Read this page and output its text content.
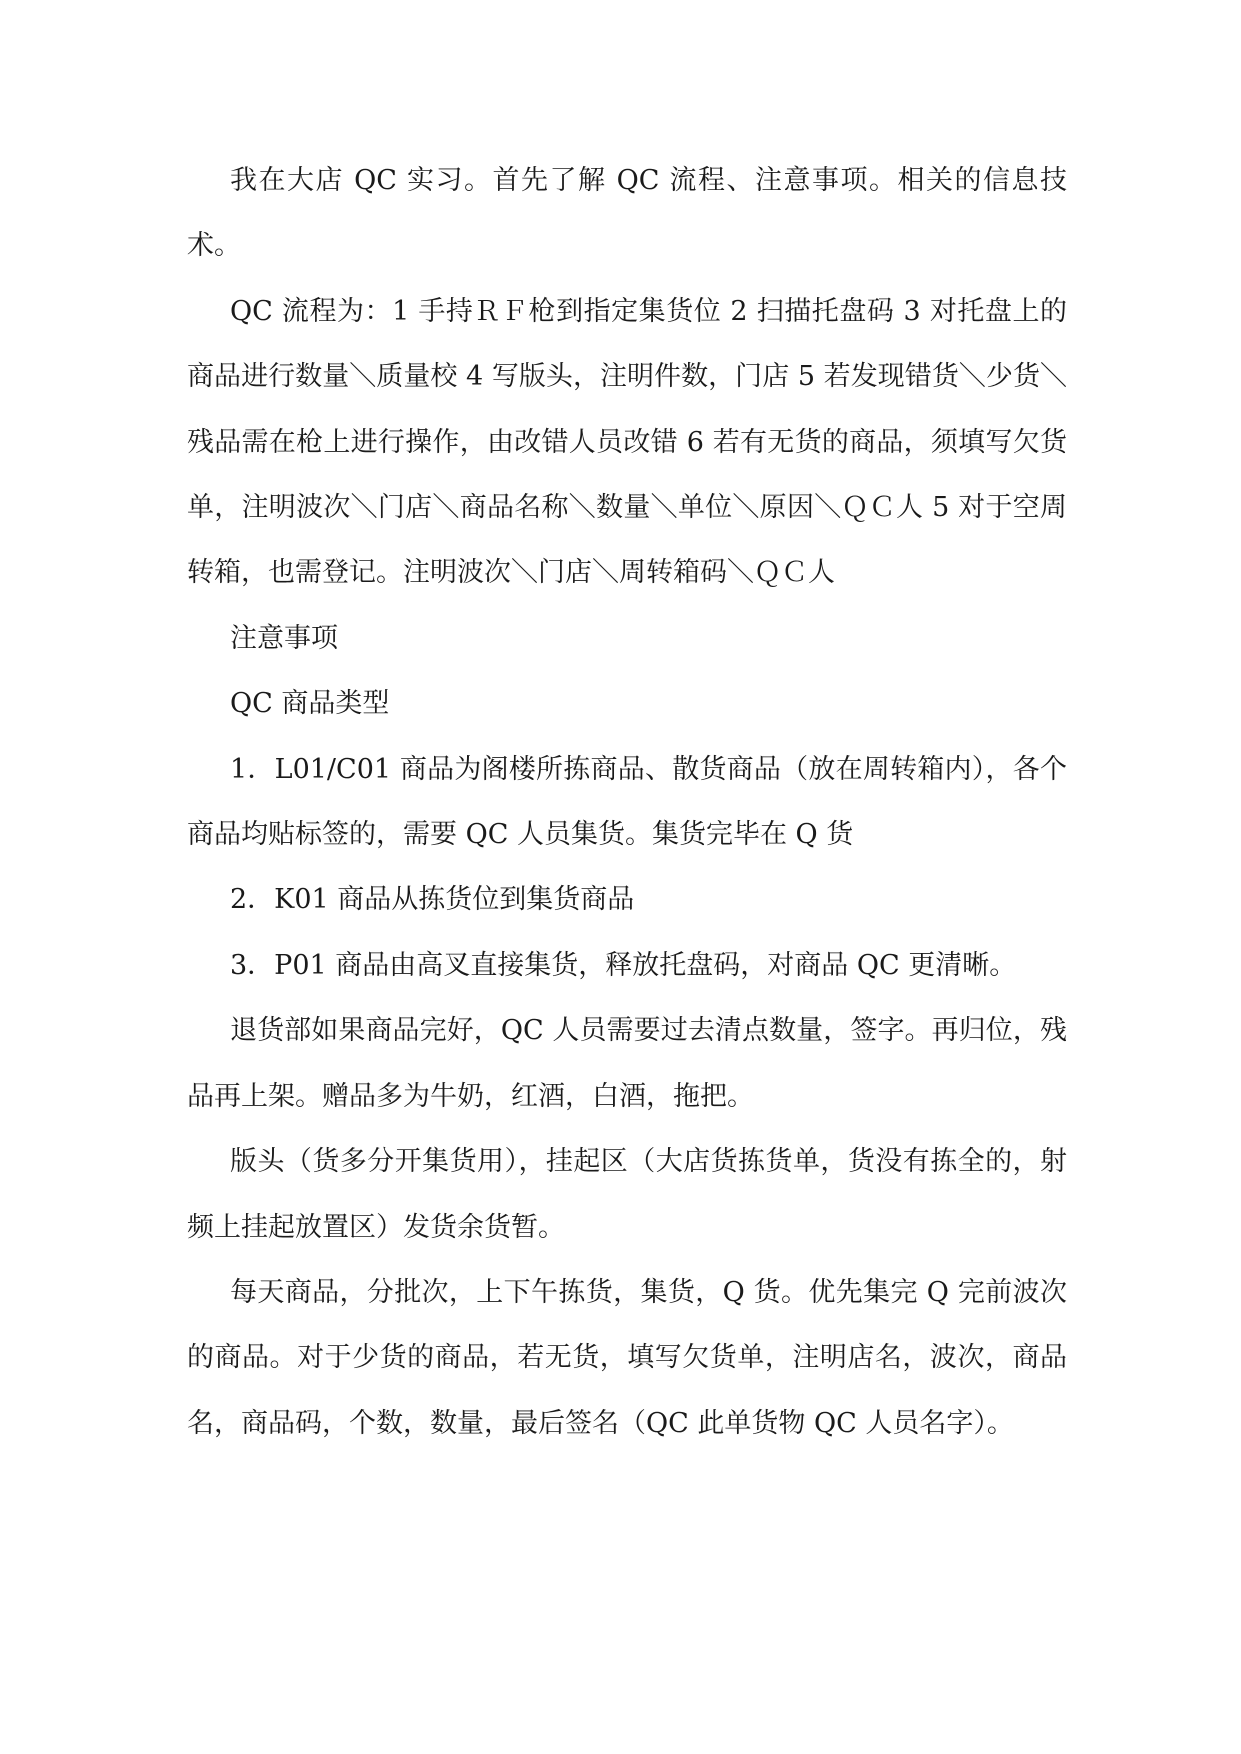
我在大店 QC 实习。首先了解 QC 流程、注意事项。相关的信息技术。

QC 流程为：1 手持ＲＦ枪到指定集货位 2 扫描托盘码 3 对托盘上的商品进行数量＼质量校 4 写版头，注明件数，门店 5 若发现错货＼少货＼残品需在枪上进行操作，由改错人员改错 6 若有无货的商品，须填写欠货单，注明波次＼门店＼商品名称＼数量＼单位＼原因＼ＱＣ人 5 对于空周转箱，也需登记。注明波次＼门店＼周转箱码＼ＱＣ人

注意事项

QC 商品类型

1．L01/C01 商品为阁楼所拣商品、散货商品（放在周转箱内），各个商品均贴标签的，需要 QC 人员集货。集货完毕在 Q 货

2．K01 商品从拣货位到集货商品

3．P01 商品由高叉直接集货，释放托盘码，对商品 QC 更清晰。

退货部如果商品完好，QC 人员需要过去清点数量，签字。再归位，残品再上架。赠品多为牛奶，红酒，白酒，拖把。

版头（货多分开集货用），挂起区（大店货拣货单，货没有拣全的，射频上挂起放置区）发货余货暂。

每天商品，分批次，上下午拣货，集货，Q 货。优先集完 Q 完前波次的商品。对于少货的商品，若无货，填写欠货单，注明店名，波次，商品名，商品码，个数，数量，最后签名（QC 此单货物 QC 人员名字）。
